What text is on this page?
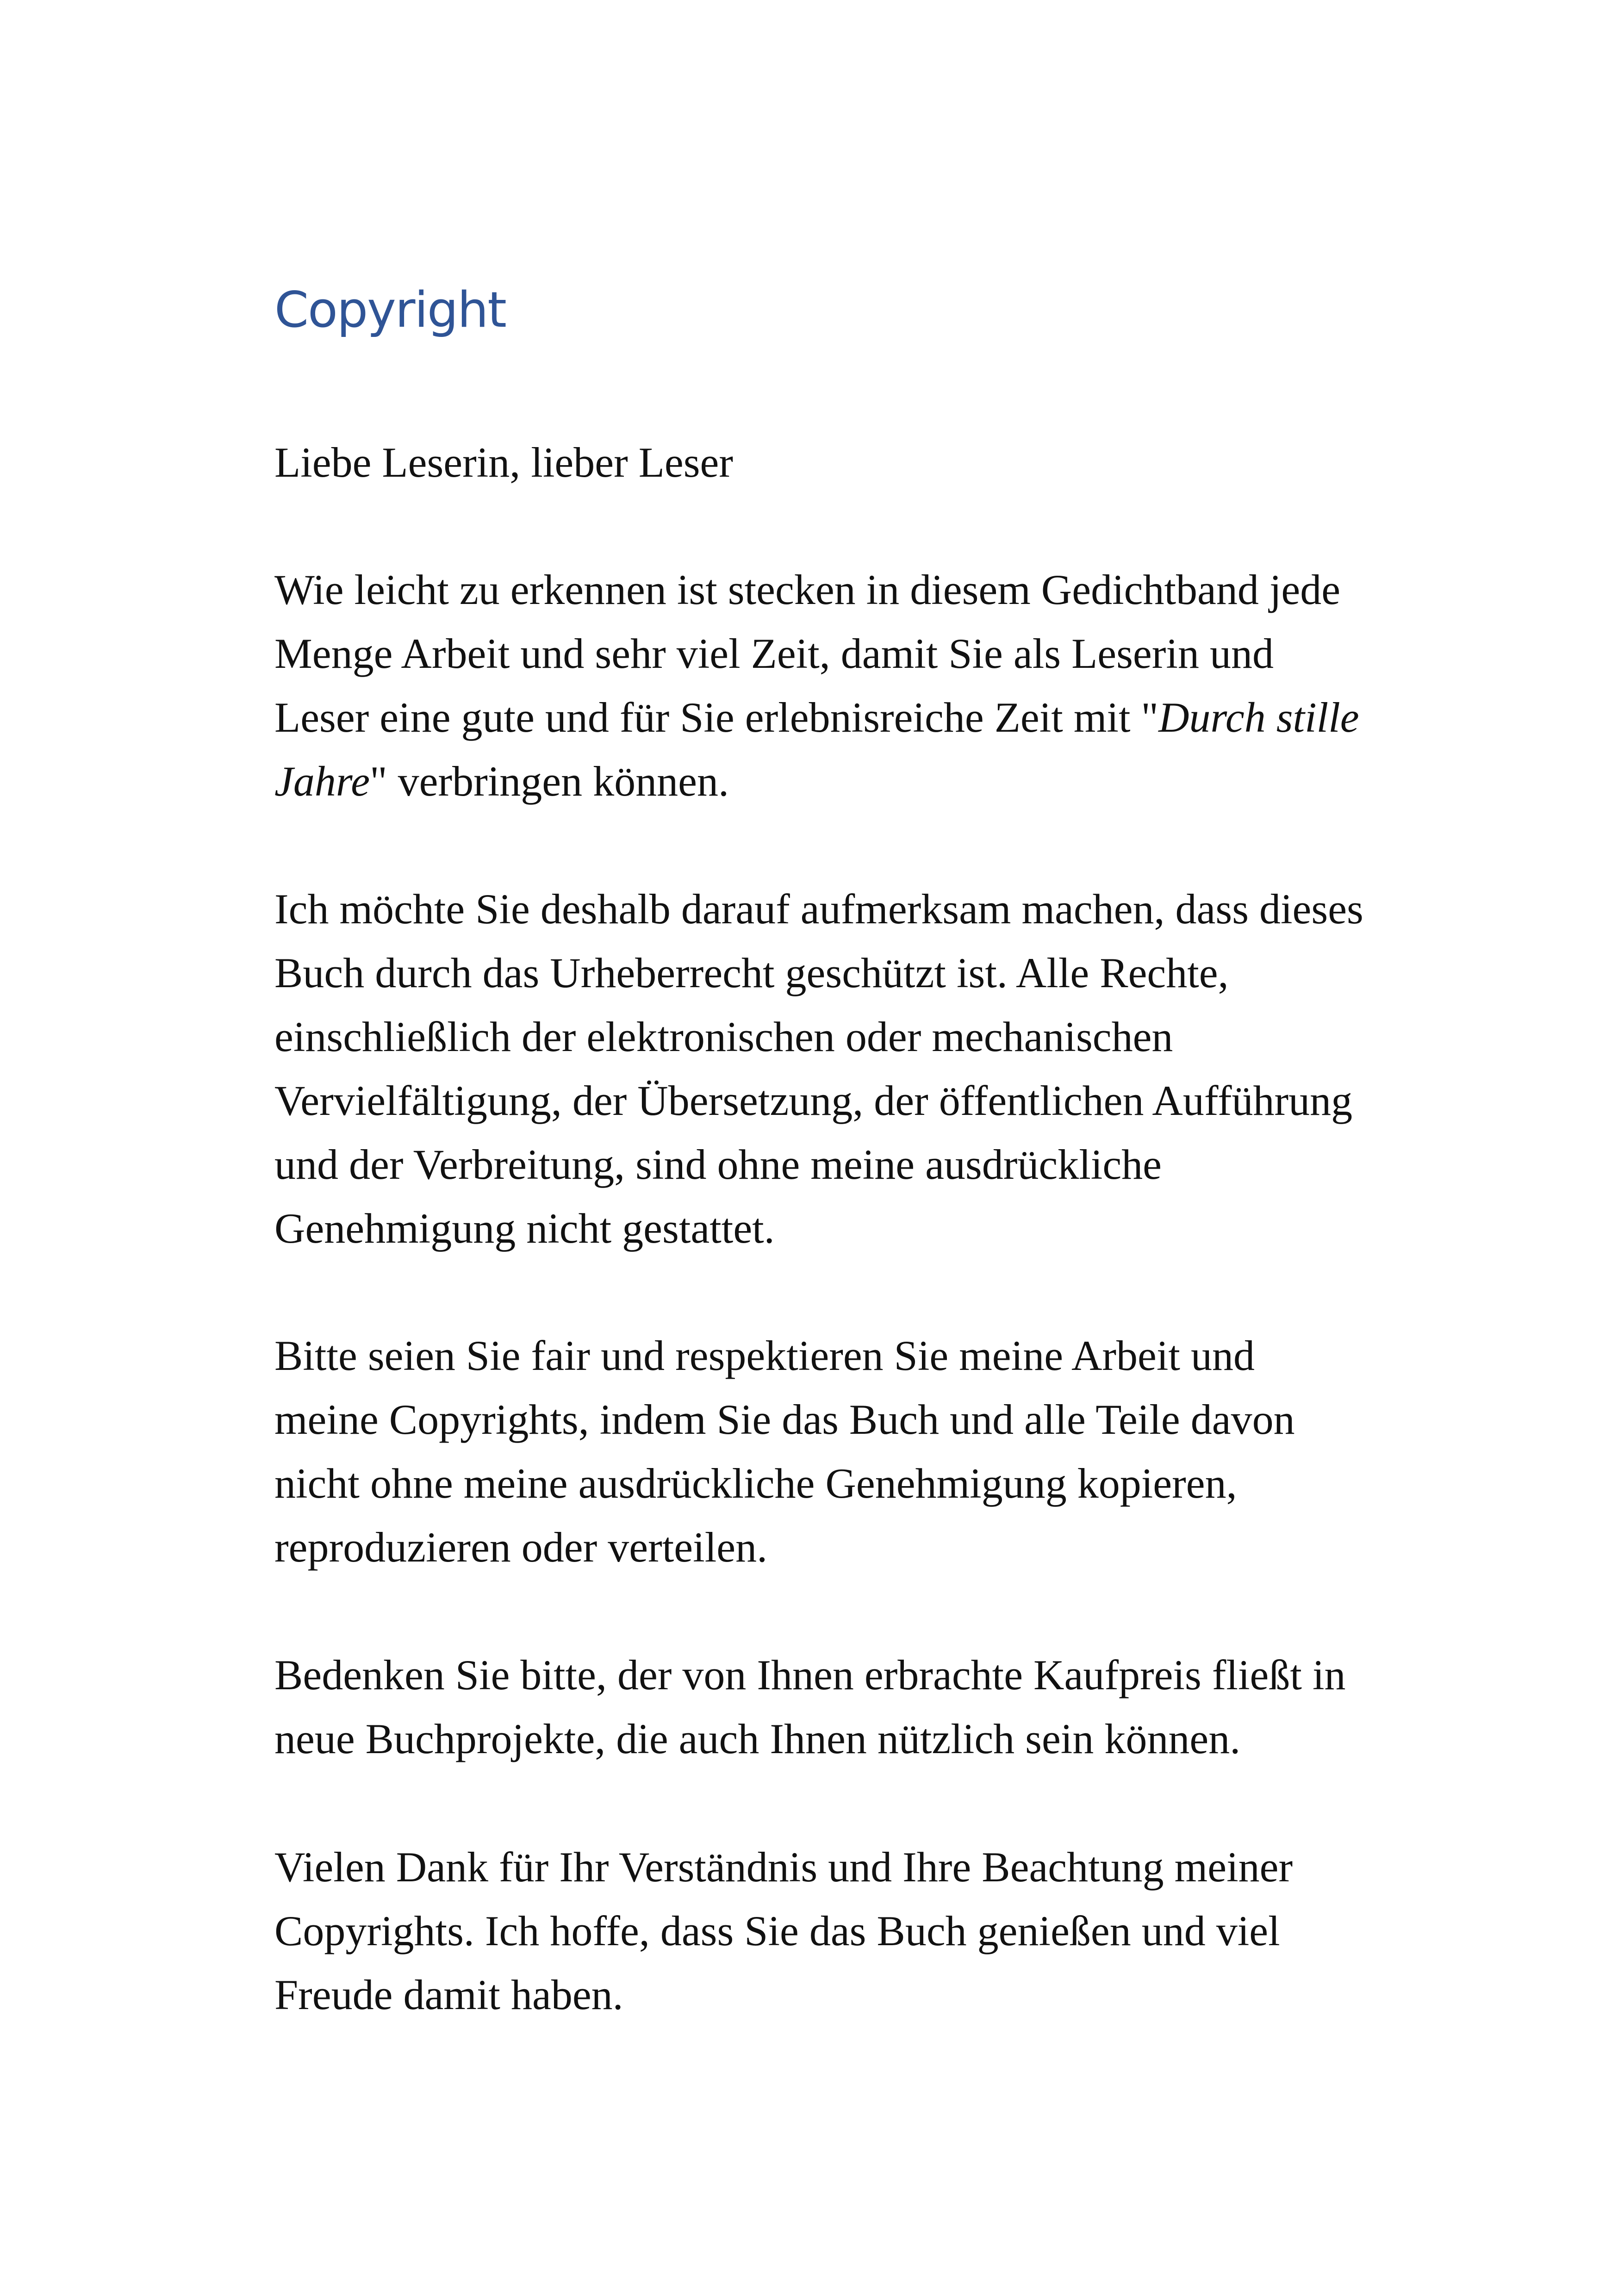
Copyright

Liebe Leserin, lieber Leser

Wie leicht zu erkennen ist stecken in diesem Gedichtband jede Menge Arbeit und sehr viel Zeit, damit Sie als Leserin und Leser eine gute und für Sie erlebnisreiche Zeit mit "Durch stille Jahre" verbringen können.

Ich möchte Sie deshalb darauf aufmerksam machen, dass dieses Buch durch das Urheberrecht geschützt ist. Alle Rechte, einschließlich der elektronischen oder mechanischen Vervielfältigung, der Übersetzung, der öffentlichen Aufführung und der Verbreitung, sind ohne meine ausdrückliche Genehmigung nicht gestattet.

Bitte seien Sie fair und respektieren Sie meine Arbeit und meine Copyrights, indem Sie das Buch und alle Teile davon nicht ohne meine ausdrückliche Genehmigung kopieren, reproduzieren oder verteilen.

Bedenken Sie bitte, der von Ihnen erbrachte Kaufpreis fließt in neue Buchprojekte, die auch Ihnen nützlich sein können.

Vielen Dank für Ihr Verständnis und Ihre Beachtung meiner Copyrights. Ich hoffe, dass Sie das Buch genießen und viel Freude damit haben.
